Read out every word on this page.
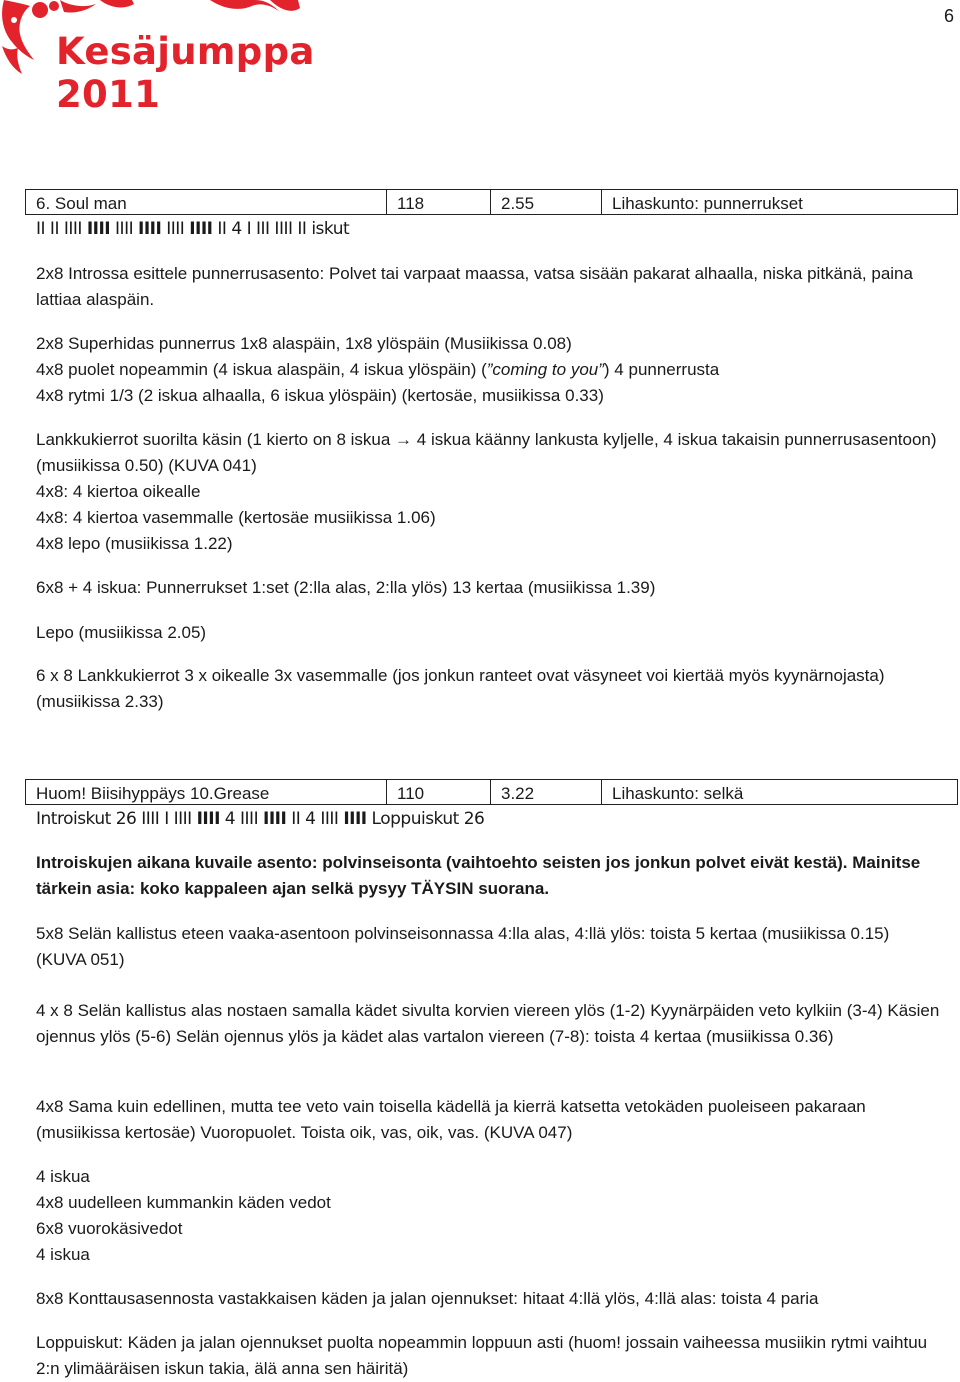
6
Kesäjumppa 2011
6. Soul man	118	2.55	Lihaskunto: punnerrukset
II II IIII IIII IIII IIII IIII IIII II 4 I III IIII II iskut
2x8 Introssa esittele punnerrusasento: Polvet tai varpaat maassa, vatsa sisään pakarat alhaalla, niska pitkänä, paina lattiaa alaspäin.
2x8 Superhidas punnerrus 1x8 alaspäin, 1x8 ylöspäin (Musiikissa 0.08)
4x8 puolet nopeammin (4 iskua alaspäin, 4 iskua ylöspäin) (”coming to you”) 4 punnerrusta
4x8 rytmi 1/3 (2 iskua alhaalla, 6 iskua ylöspäin) (kertosäe, musiikissa 0.33)
Lankkukierrot suorilta käsin (1 kierto on 8 iskua → 4 iskua käänny lankusta kyljelle, 4 iskua takaisin punnerrusasentoon) (musiikissa 0.50) (KUVA 041)
4x8: 4 kiertoa oikealle
4x8: 4 kiertoa vasemmalle (kertosäe musiikissa 1.06)
4x8 lepo (musiikissa 1.22)
6x8 + 4 iskua: Punnerrukset 1:set (2:lla alas, 2:lla ylös) 13 kertaa (musiikissa 1.39)
Lepo (musiikissa 2.05)
6 x 8 Lankkukierrot 3 x oikealle 3x vasemmalle (jos jonkun ranteet ovat väsyneet voi kiertää myös kyynärnojasta) (musiikissa 2.33)
Huom! Biisihyppäys 10.Grease	110	3.22	Lihaskunto: selkä
Introiskut 26 IIII I IIII IIII 4 IIII IIII II 4 IIII IIII Loppuiskut 26
Introiskujen aikana kuvaile asento: polvinseisonta (vaihtoehto seisten jos jonkun polvet eivät kestä). Mainitse tärkein asia: koko kappaleen ajan selkä pysyy TÄYSIN suorana.
5x8 Selän kallistus eteen vaaka-asentoon polvinseisonnassa 4:lla alas, 4:llä ylös: toista 5 kertaa (musiikissa 0.15) (KUVA 051)
4 x 8 Selän kallistus alas nostaen samalla kädet sivulta korvien viereen ylös (1-2) Kyynärpäiden veto kylkiin (3-4) Käsien ojennus ylös (5-6) Selän ojennus ylös ja kädet alas vartalon viereen (7-8): toista 4 kertaa (musiikissa 0.36)
4x8 Sama kuin edellinen, mutta tee veto vain toisella kädellä ja kierrä katsetta vetokäden puoleiseen pakaraan (musiikissa kertosäe) Vuoropuolet. Toista oik, vas, oik, vas. (KUVA 047)
4 iskua
4x8 uudelleen kummankin käden vedot
6x8 vuorokäsivedot
4 iskua
8x8 Konttausasennosta vastakkaisen käden ja jalan ojennukset: hitaat 4:llä ylös, 4:llä alas: toista 4 paria
Loppuiskut: Käden ja jalan ojennukset puolta nopeammin loppuun asti (huom! jossain vaiheessa musiikin rytmi vaihtuu 2:n ylimääräisen iskun takia, älä anna sen häiritä)
